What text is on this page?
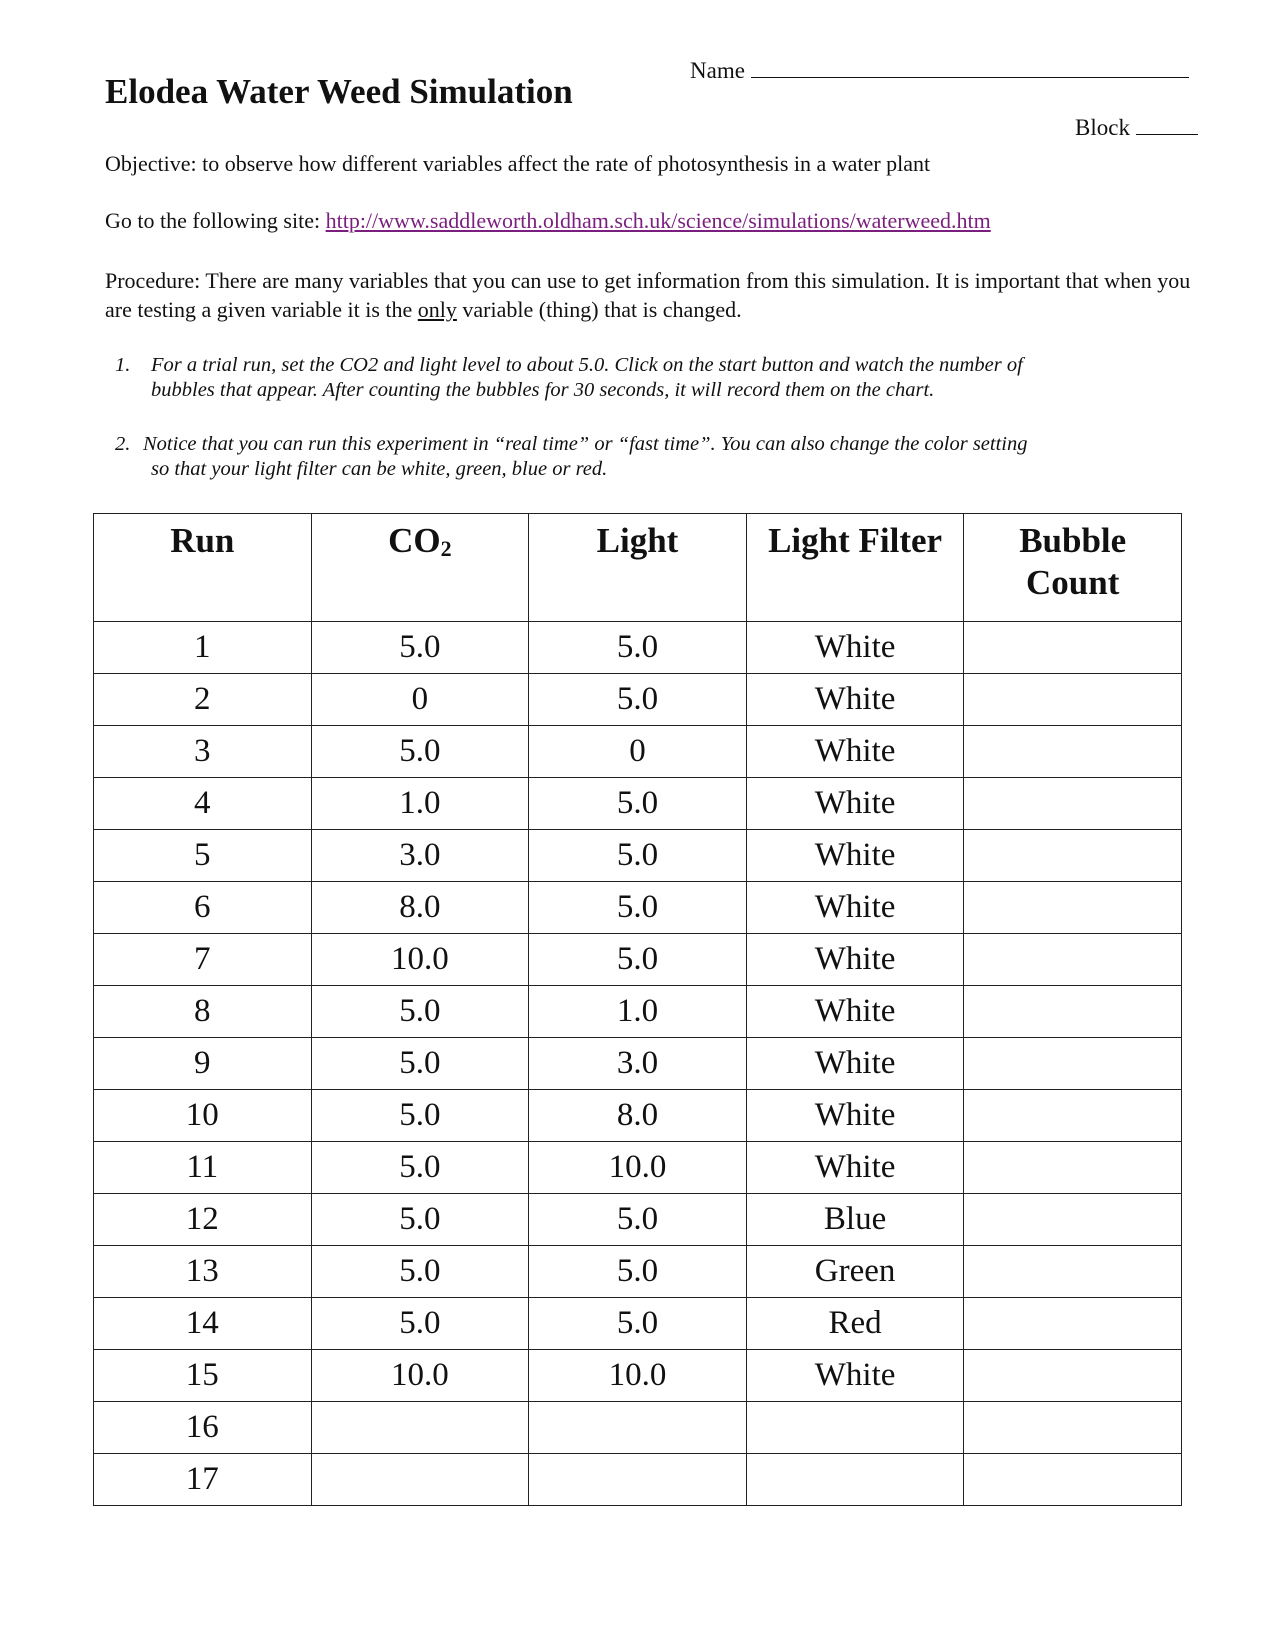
Elodea Water Weed Simulation
Name
Block
Objective: to observe how different variables affect the rate of photosynthesis in a water plant
Go to the following site: http://www.saddleworth.oldham.sch.uk/science/simulations/waterweed.htm
Procedure: There are many variables that you can use to get information from this simulation. It is important that when you are testing a given variable it is the only variable (thing) that is changed.
1. For a trial run, set the CO2 and light level to about 5.0. Click on the start button and watch the number of
bubbles that appear. After counting the bubbles for 30 seconds, it will record them on the chart.
2. Notice that you can run this experiment in “real time” or “fast time”. You can also change the color setting
so that your light filter can be white, green, blue or red.
Run	$CO_2$	Light	Light Filter	Bubble
Count

1	5.0	5.0	White	
2	0	5.0	White	
3	5.0	0	White	
4	1.0	5.0	White	
5	3.0	5.0	White	
6	8.0	5.0	White	
7	10.0	5.0	White	
8	5.0	1.0	White	
9	5.0	3.0	White	
10	5.0	8.0	White	
11	5.0	10.0	White	
12	5.0	5.0	Blue	
13	5.0	5.0	Green	
14	5.0	5.0	Red	
15	10.0	10.0	White	
16				
17				
